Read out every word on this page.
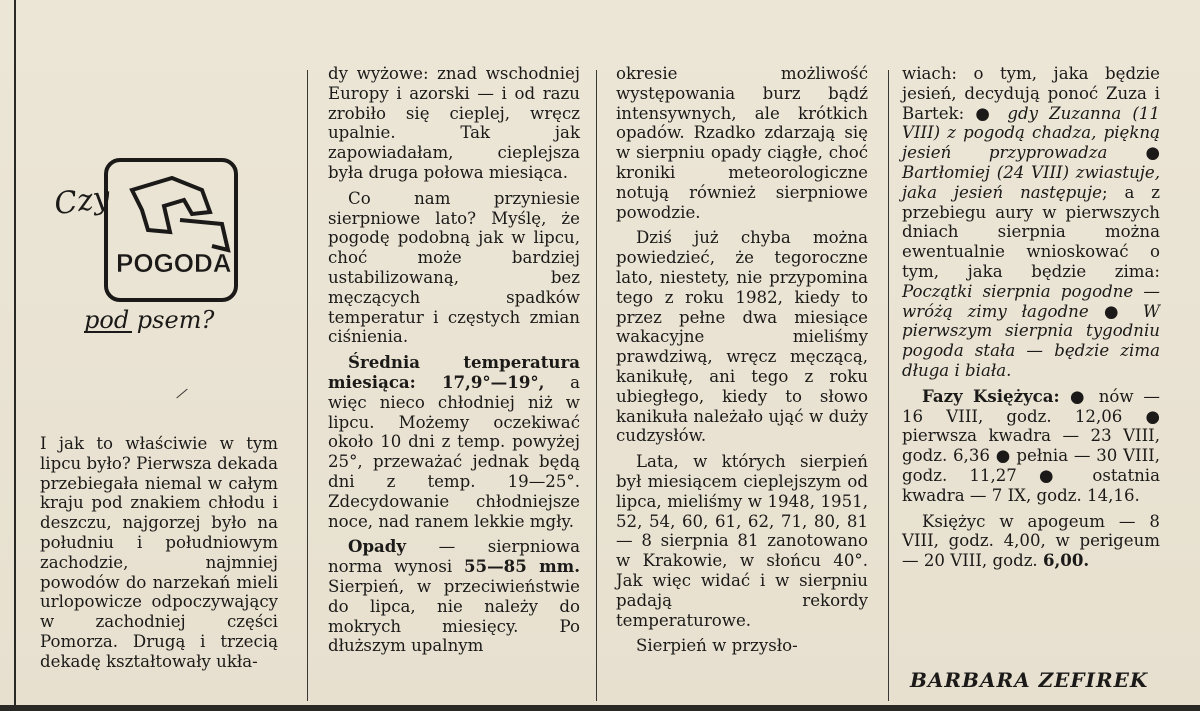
Czy
POGODA
pod psem?

I jak to właściwie w tym lipcu było? Pierwsza dekada przebiegała niemal w całym kraju pod znakiem chłodu i deszczu, najgorzej było na południu i południowym zachodzie, najmniej powodów do narzekań mieli urlopowicze odpoczywający w zachodniej części Pomorza. Drugą i trzecią dekadę kształtowały ukła-

dy wyżowe: znad wschodniej Europy i azorski — i od razu zrobiło się cieplej, wręcz upalnie. Tak jak zapowiadałam, cieplejsza była druga połowa miesiąca.

Co nam przyniesie sierpniowe lato? Myślę, że pogodę podobną jak w lipcu, choć może bardziej ustabilizowaną, bez męczących spadków temperatur i częstych zmian ciśnienia.

Średnia temperatura miesiąca: 17,9°—19°, a więc nieco chłodniej niż w lipcu. Możemy oczekiwać około 10 dni z temp. powyżej 25°, przeważać jednak będą dni z temp. 19—25°. Zdecydowanie chłodniejsze noce, nad ranem lekkie mgły.

Opady — sierpniowa norma wynosi 55—85 mm. Sierpień, w przeciwieństwie do lipca, nie należy do mokrych miesięcy. Po dłuższym upalnym

okresie możliwość występowania burz bądź intensywnych, ale krótkich opadów. Rzadko zdarzają się w sierpniu opady ciągłe, choć kroniki meteorologiczne notują również sierpniowe powodzie.

Dziś już chyba można powiedzieć, że tegoroczne lato, niestety, nie przypomina tego z roku 1982, kiedy to przez pełne dwa miesiące wakacyjne mieliśmy prawdziwą, wręcz męczącą, kanikułę, ani tego z roku ubiegłego, kiedy to słowo kanikuła należało ująć w duży cudzysłów.

Lata, w których sierpień był miesiącem cieplejszym od lipca, mieliśmy w 1948, 1951, 52, 54, 60, 61, 62, 71, 80, 81 — 8 sierpnia 81 zanotowano w Krakowie, w słońcu 40°. Jak więc widać i w sierpniu padają rekordy temperaturowe.

Sierpień w przysło-

wiach: o tym, jaka będzie jesień, decydują ponoć Zuza i Bartek: ● gdy Zuzanna (11 VIII) z pogodą chadza, piękną jesień przyprowadza ● Bartłomiej (24 VIII) zwiastuje, jaka jesień następuje; a z przebiegu aury w pierwszych dniach sierpnia można ewentualnie wnioskować o tym, jaka będzie zima: Początki sierpnia pogodne — wróżą zimy łagodne ● W pierwszym sierpnia tygodniu pogoda stała — będzie zima długa i biała.

Fazy Księżyca: ● nów — 16 VIII, godz. 12,06 ● pierwsza kwadra — 23 VIII, godz. 6,36 ● pełnia — 30 VIII, godz. 11,27 ● ostatnia kwadra — 7 IX, godz. 14,16.

Księżyc w apogeum — 8 VIII, godz. 4,00, w perigeum — 20 VIII, godz. 6,00.

BARBARA ZEFIREK
